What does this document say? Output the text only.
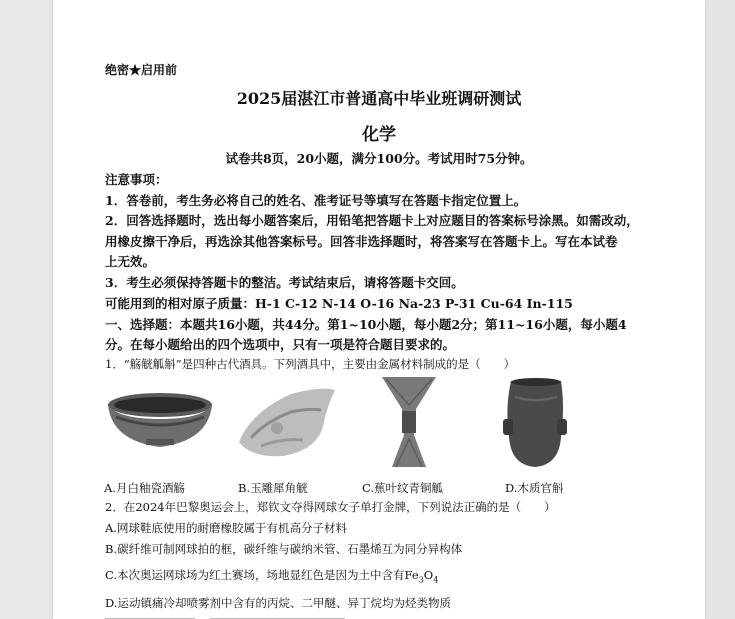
绝密★启用前
2025届湛江市普通高中毕业班调研测试
化学
试卷共8页，20小题，满分100分。考试用时75分钟。
注意事项：
1．答卷前，考生务必将自己的姓名、准考证号等填写在答题卡指定位置上。
2．回答选择题时，选出每小题答案后，用铅笔把答题卡上对应题目的答案标号涂黑。如需改动，
用橡皮擦干净后，再选涂其他答案标号。回答非选择题时，将答案写在答题卡上。写在本试卷
上无效。
3．考生必须保持答题卡的整洁。考试结束后，请将答题卡交回。
可能用到的相对原子质量：H-1 C-12 N-14 O-16 Na-23 P-31 Cu-64 In-115
一、选择题：本题共16小题，共44分。第1~10小题，每小题2分；第11~16小题，每小题4
分。在每小题给出的四个选项中，只有一项是符合题目要求的。
1．“觞觥觚斛”是四种古代酒具。下列酒具中，主要由金属材料制成的是（　　）
A.月白釉瓷酒觞	B.玉雕犀角觥	C.蕉叶纹青铜觚	D.木质官斛
2．在2024年巴黎奥运会上，郑钦文夺得网球女子单打金牌，下列说法正确的是（　　）
A.网球鞋底使用的耐磨橡胶属于有机高分子材料
B.碳纤维可制网球拍的框，碳纤维与碳纳米管、石墨烯互为同分异构体
C.本次奥运网球场为红土赛场，场地显红色是因为土中含有$Fe_3O_4$
D.运动镇痛冷却喷雾剂中含有的丙烷、二甲醚、异丁烷均为烃类物质
